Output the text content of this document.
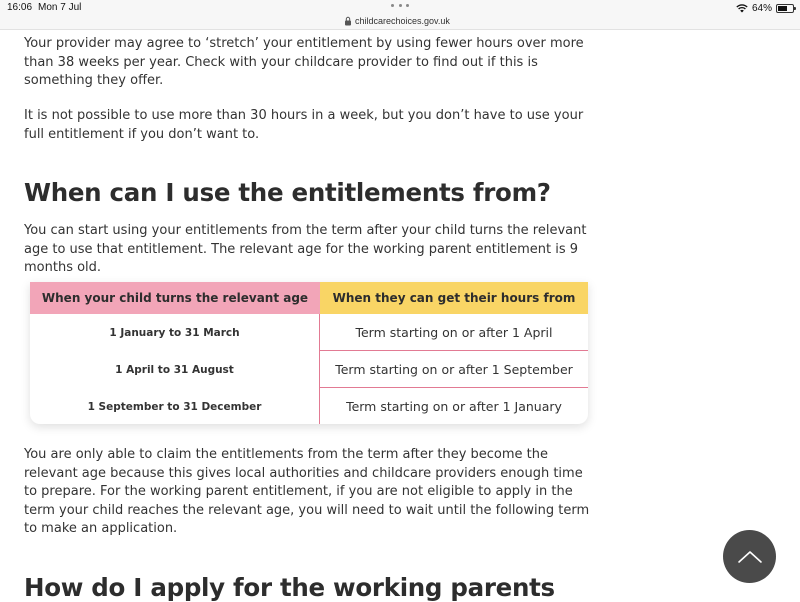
16:06 Mon 7 Jul
childcarechoices.gov.uk
64%

Your provider may agree to ‘stretch’ your entitlement by using fewer hours over more than 38 weeks per year. Check with your childcare provider to find out if this is something they offer.

It is not possible to use more than 30 hours in a week, but you don’t have to use your full entitlement if you don’t want to.

When can I use the entitlements from?

You can start using your entitlements from the term after your child turns the relevant age to use that entitlement. The relevant age for the working parent entitlement is 9 months old.

You are only able to claim the entitlements from the term after they become the relevant age because this gives local authorities and childcare providers enough time to prepare. For the working parent entitlement, if you are not eligible to apply in the term your child reaches the relevant age, you will need to wait until the following term to make an application.

How do I apply for the working parents
When your child turns the relevant age	When they can get their hours from
1 January to 31 March	Term starting on or after 1 April
1 April to 31 August	Term starting on or after 1 September
1 September to 31 December	Term starting on or after 1 January
